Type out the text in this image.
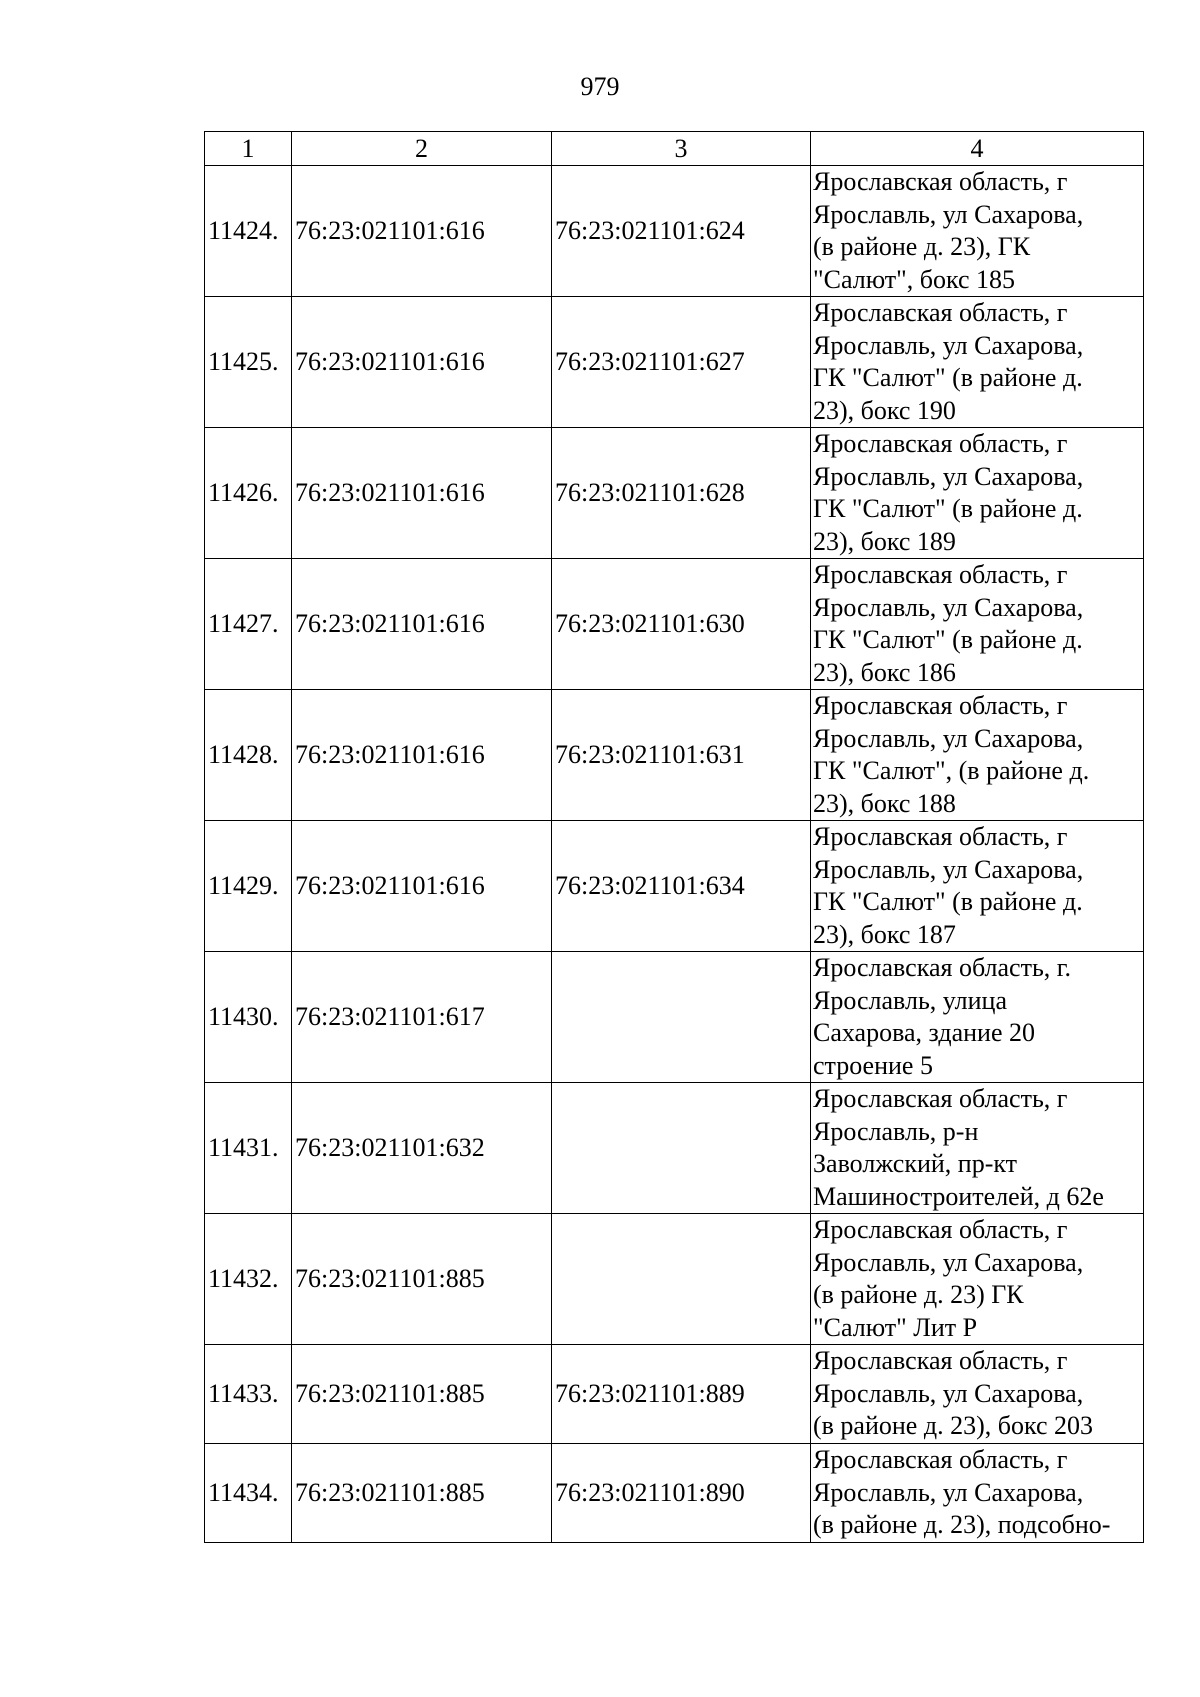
979
1	2	3	4
11424.	76:23:021101:616	76:23:021101:624	Ярославская область, г
Ярославль, ул Сахарова,
(в районе д. 23), ГК
"Салют", бокс 185

11425.	76:23:021101:616	76:23:021101:627	Ярославская область, г
Ярославль, ул Сахарова,
ГК "Салют" (в районе д.
23), бокс 190

11426.	76:23:021101:616	76:23:021101:628	Ярославская область, г
Ярославль, ул Сахарова,
ГК "Салют" (в районе д.
23), бокс 189

11427.	76:23:021101:616	76:23:021101:630	Ярославская область, г
Ярославль, ул Сахарова,
ГК "Салют" (в районе д.
23), бокс 186

11428.	76:23:021101:616	76:23:021101:631	Ярославская область, г
Ярославль, ул Сахарова,
ГК "Салют", (в районе д.
23), бокс 188

11429.	76:23:021101:616	76:23:021101:634	Ярославская область, г
Ярославль, ул Сахарова,
ГК "Салют" (в районе д.
23), бокс 187

11430.	76:23:021101:617		Ярославская область, г.
Ярославль, улица
Сахарова, здание 20
строение 5

11431.	76:23:021101:632		Ярославская область, г
Ярославль, р-н
Заволжский, пр-кт
Машиностроителей, д 62е

11432.	76:23:021101:885		Ярославская область, г
Ярославль, ул Сахарова,
(в районе д. 23) ГК
"Салют" Лит Р

11433.	76:23:021101:885	76:23:021101:889	Ярославская область, г
Ярославль, ул Сахарова,
(в районе д. 23), бокс 203

11434.	76:23:021101:885	76:23:021101:890	Ярославская область, г
Ярославль, ул Сахарова,
(в районе д. 23), подсобно-
